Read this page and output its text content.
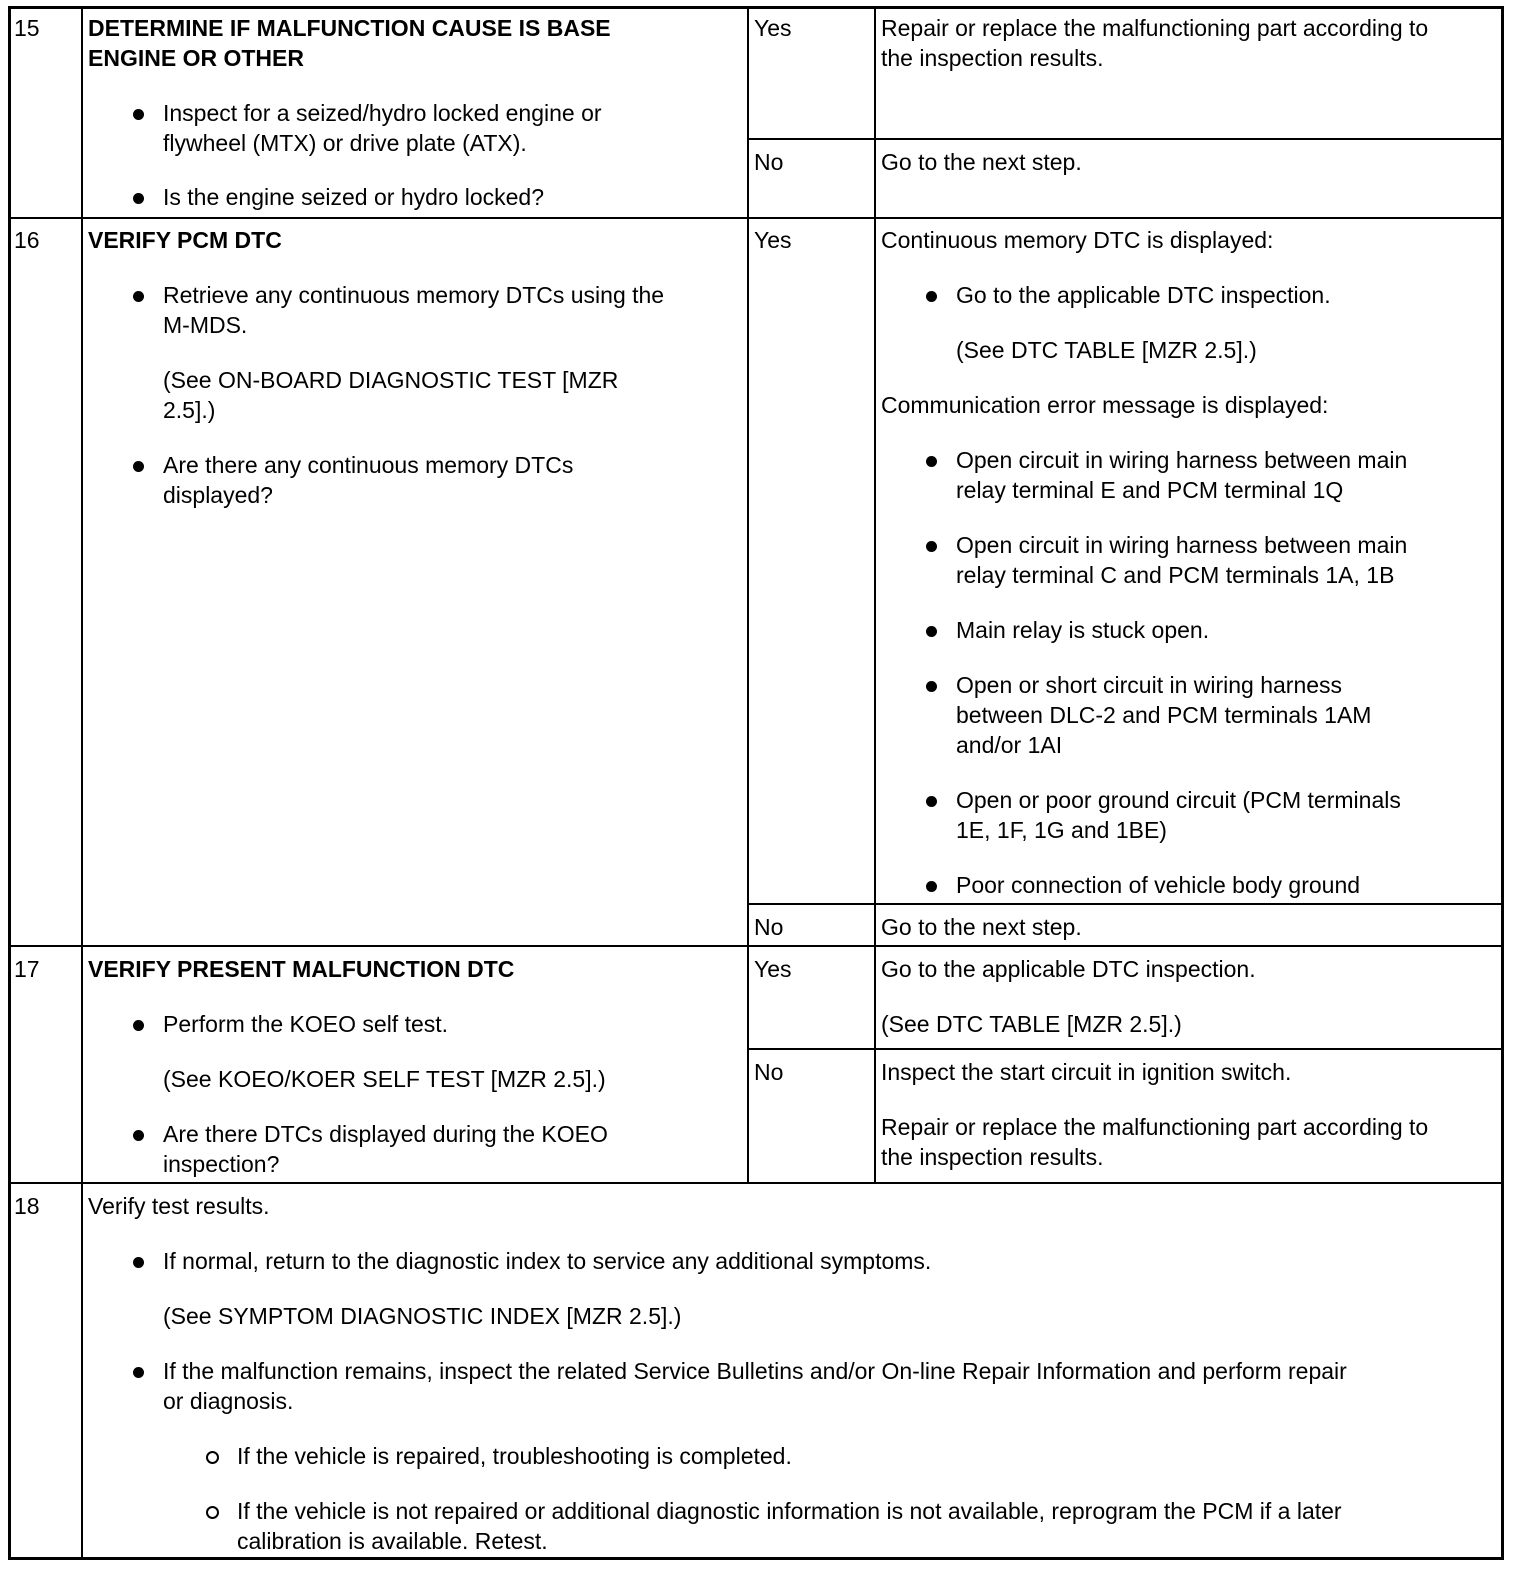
15 DETERMINE IF MALFUNCTION CAUSE IS BASE
ENGINE OR OTHER
Inspect for a seized/hydro locked engine or
flywheel (MTX) or drive plate (ATX).
Is the engine seized or hydro locked?
Yes	Repair or replace the malfunctioning part according to
the inspection results.
No	Go to the next step.
16 VERIFY PCM DTC
Retrieve any continuous memory DTCs using the
M-MDS.
(See ON-BOARD DIAGNOSTIC TEST [MZR
2.5].)
Are there any continuous memory DTCs
displayed?
Yes	Continuous memory DTC is displayed:
Go to the applicable DTC inspection.
(See DTC TABLE [MZR 2.5].)
Communication error message is displayed:
Open circuit in wiring harness between main
relay terminal E and PCM terminal 1Q
Open circuit in wiring harness between main
relay terminal C and PCM terminals 1A, 1B
Main relay is stuck open.
Open or short circuit in wiring harness
between DLC-2 and PCM terminals 1AM
and/or 1AI
Open or poor ground circuit (PCM terminals
1E, 1F, 1G and 1BE)
Poor connection of vehicle body ground
No	Go to the next step.
17 VERIFY PRESENT MALFUNCTION DTC
Perform the KOEO self test.
(See KOEO/KOER SELF TEST [MZR 2.5].)
Are there DTCs displayed during the KOEO
inspection?
Yes	Go to the applicable DTC inspection.
(See DTC TABLE [MZR 2.5].)
No	Inspect the start circuit in ignition switch.
Repair or replace the malfunctioning part according to
the inspection results.
18 Verify test results.
If normal, return to the diagnostic index to service any additional symptoms.
(See SYMPTOM DIAGNOSTIC INDEX [MZR 2.5].)
If the malfunction remains, inspect the related Service Bulletins and/or On-line Repair Information and perform repair
or diagnosis.
If the vehicle is repaired, troubleshooting is completed.
If the vehicle is not repaired or additional diagnostic information is not available, reprogram the PCM if a later
calibration is available. Retest.
